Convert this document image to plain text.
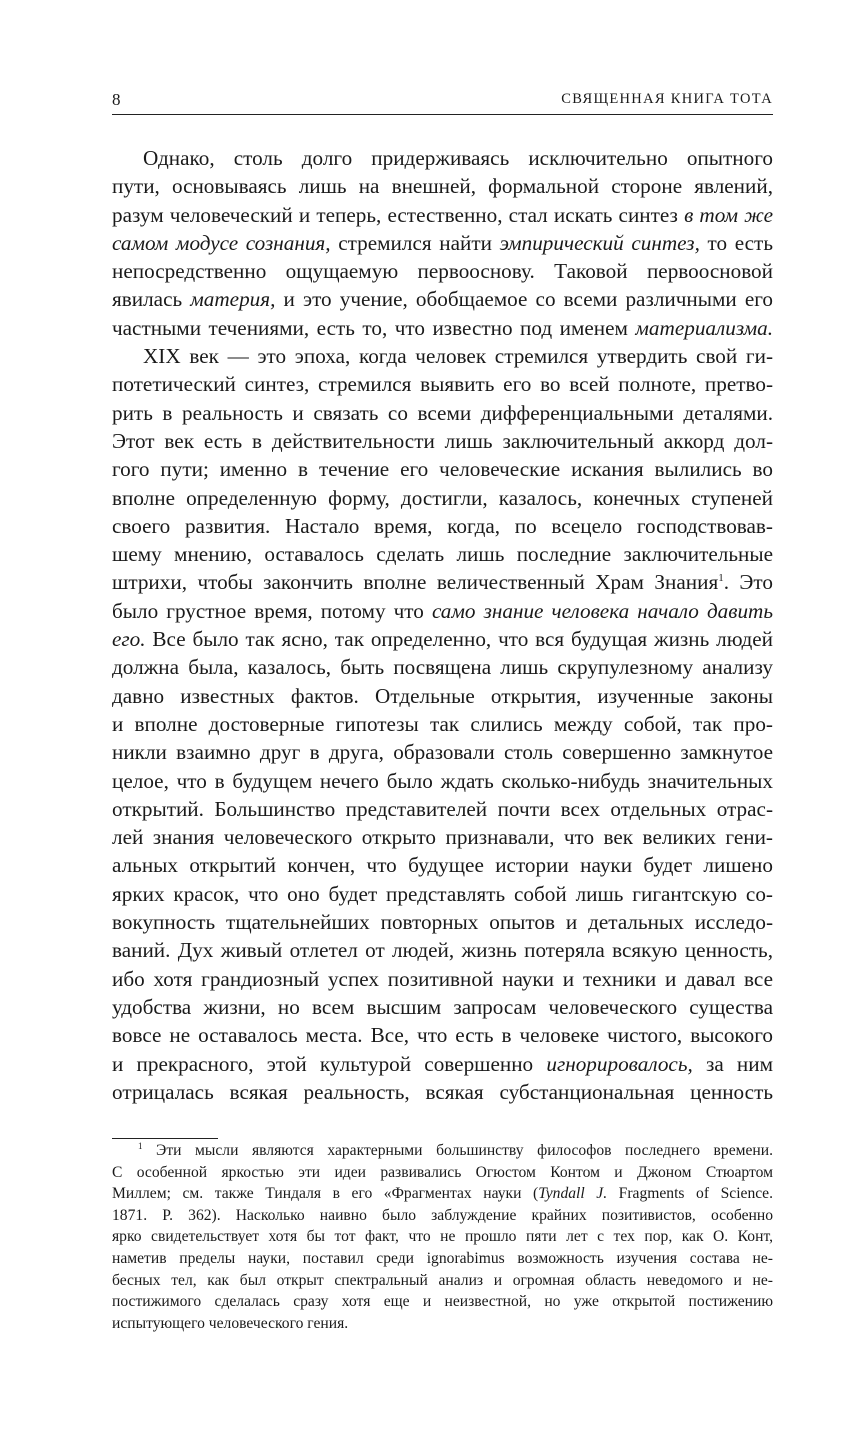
8	СВЯЩЕННАЯ КНИГА ТОТА
Однако, столь долго придерживаясь исключительно опытного
пути, основываясь лишь на внешней, формальной стороне явлений,
разум человеческий и теперь, естественно, стал искать синтез в том же
самом модусе сознания, стремился найти эмпирический синтез, то есть
непосредственно ощущаемую первооснову. Таковой первоосновой
явилась материя, и это учение, обобщаемое со всеми различными его
частными течениями, есть то, что известно под именем материализма.
XIX век — это эпоха, когда человек стремился утвердить свой ги-
потетический синтез, стремился выявить его во всей полноте, претво-
рить в реальность и связать со всеми дифференциальными деталями.
Этот век есть в действительности лишь заключительный аккорд дол-
гого пути; именно в течение его человеческие искания вылились во
вполне определенную форму, достигли, казалось, конечных ступеней
своего развития. Настало время, когда, по всецело господствовав-
шему мнению, оставалось сделать лишь последние заключительные
штрихи, чтобы закончить вполне величественный Храм Знания$^1$. Это
было грустное время, потому что само знание человека начало давить
его. Все было так ясно, так определенно, что вся будущая жизнь людей
должна была, казалось, быть посвящена лишь скрупулезному анализу
давно известных фактов. Отдельные открытия, изученные законы
и вполне достоверные гипотезы так слились между собой, так про-
никли взаимно друг в друга, образовали столь совершенно замкнутое
целое, что в будущем нечего было ждать сколько-нибудь значительных
открытий. Большинство представителей почти всех отдельных отрас-
лей знания человеческого открыто признавали, что век великих гени-
альных открытий кончен, что будущее истории науки будет лишено
ярких красок, что оно будет представлять собой лишь гигантскую со-
вокупность тщательнейших повторных опытов и детальных исследо-
ваний. Дух живый отлетел от людей, жизнь потеряла всякую ценность,
ибо хотя грандиозный успех позитивной науки и техники и давал все
удобства жизни, но всем высшим запросам человеческого существа
вовсе не оставалось места. Все, что есть в человеке чистого, высокого
и прекрасного, этой культурой совершенно игнорировалось, за ним
отрицалась всякая реальность, всякая субстанциональная ценность
$^1$ Эти мысли являются характерными большинству философов последнего времени.
С особенной яркостью эти идеи развивались Огюстом Контом и Джоном Стюартом
Миллем; см. также Тиндаля в его «Фрагментах науки (Tyndall J. Fragments of Science.
1871. P. 362). Насколько наивно было заблуждение крайних позитивистов, особенно
ярко свидетельствует хотя бы тот факт, что не прошло пяти лет с тех пор, как О. Конт,
наметив пределы науки, поставил среди ignorabimus возможность изучения состава не-
бесных тел, как был открыт спектральный анализ и огромная область неведомого и не-
постижимого сделалась сразу хотя еще и неизвестной, но уже открытой постижению
испытующего человеческого гения.
